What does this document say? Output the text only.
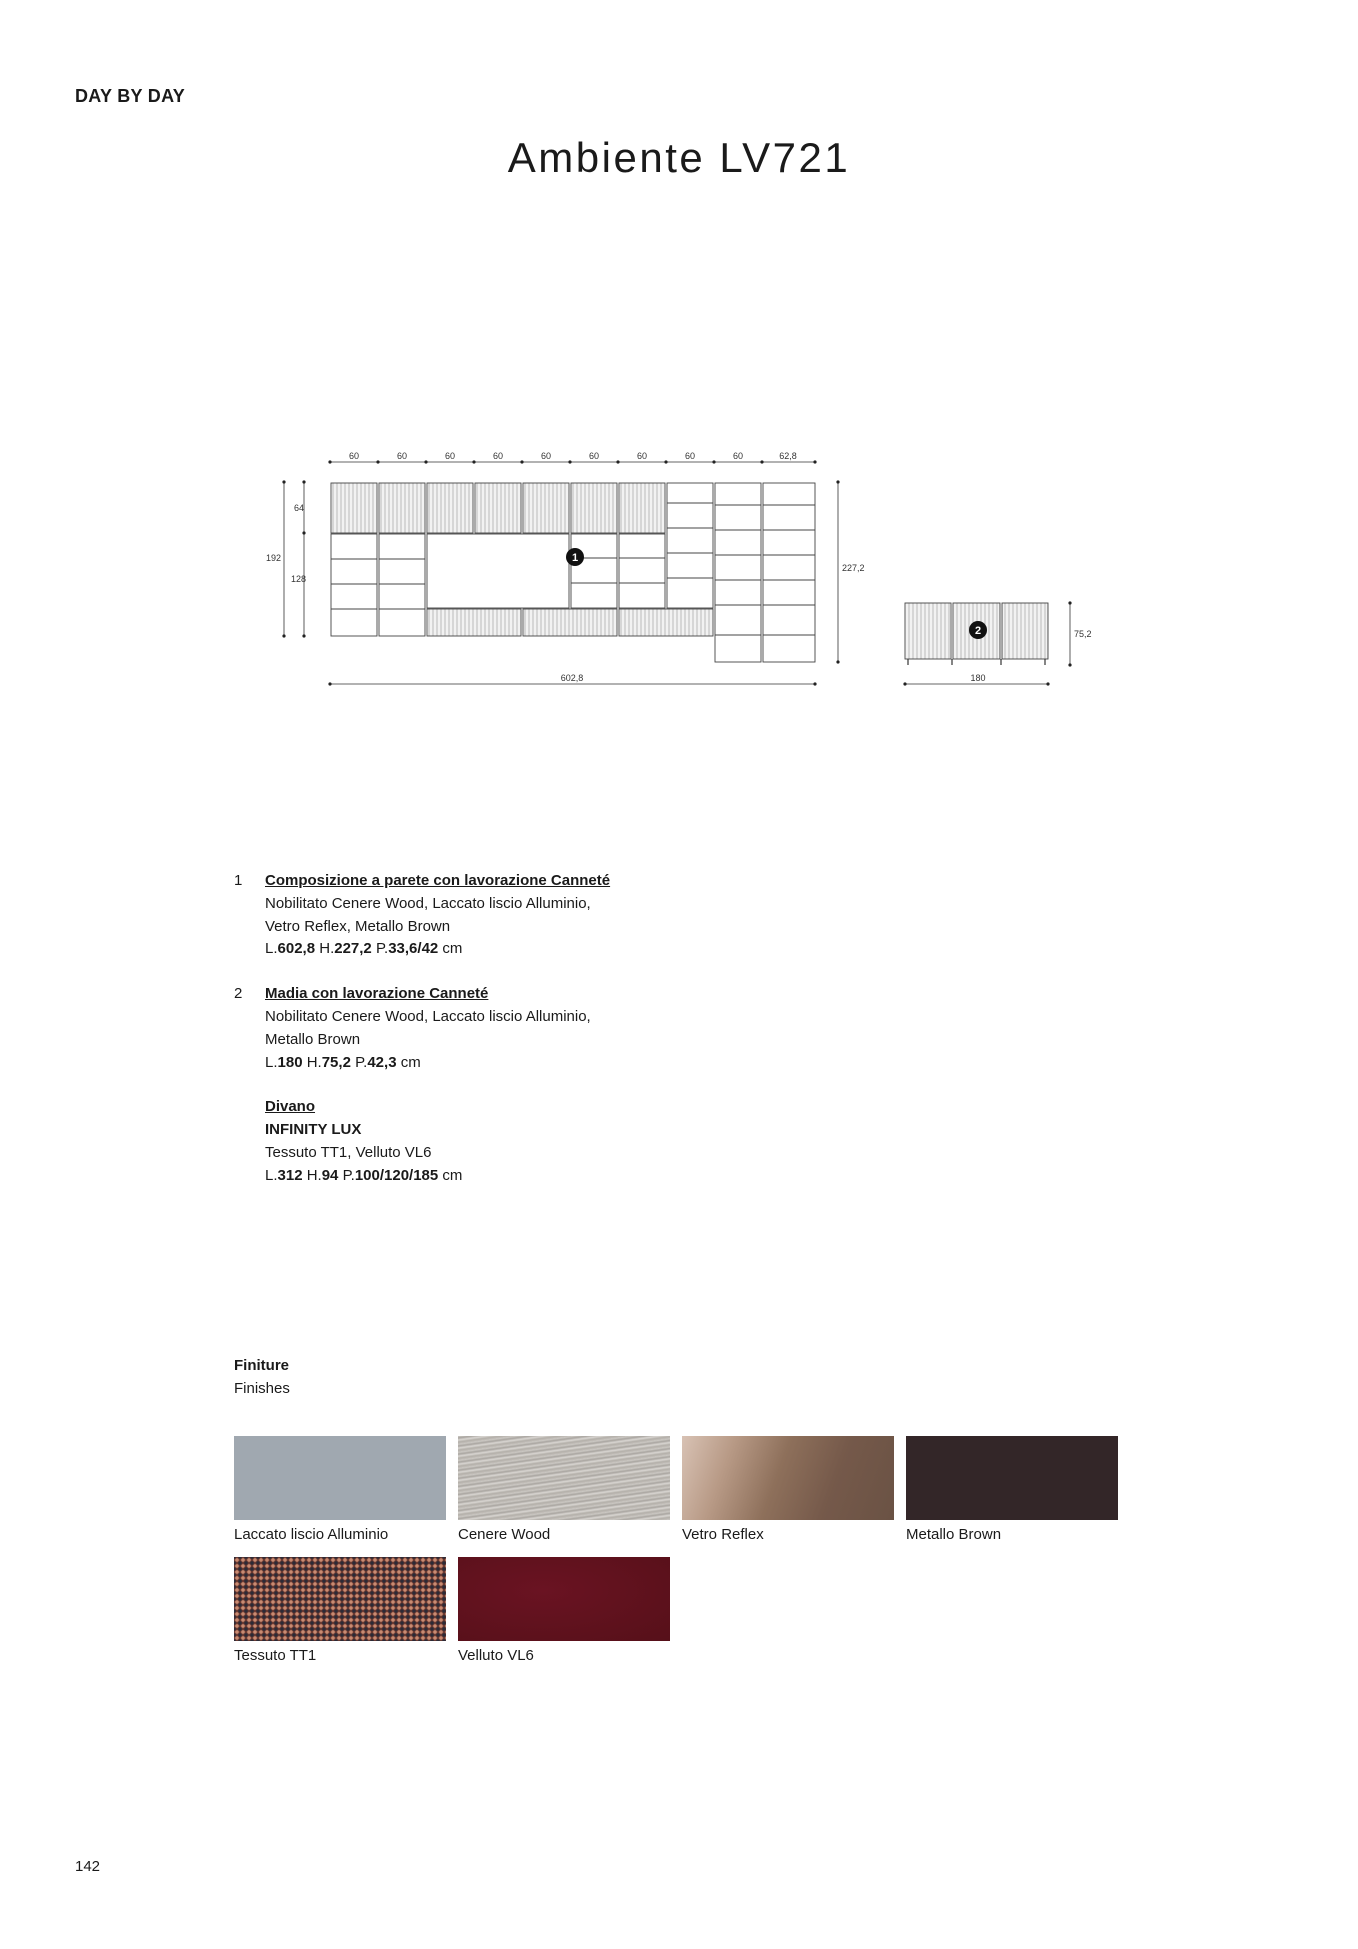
DAY BY DAY
Ambiente LV721
60	60	60	60	60	60	60	60	60	62,8
64
192
128
227,2
602,8
1
2	75,2
180
1 Composizione a parete con lavorazione Canneté
Nobilitato Cenere Wood, Laccato liscio Alluminio,
Vetro Reflex, Metallo Brown
L.602,8 H.227,2 P.33,6/42 cm
2 Madia con lavorazione Canneté
Nobilitato Cenere Wood, Laccato liscio Alluminio,
Metallo Brown
L.180 H.75,2 P.42,3 cm
Divano
INFINITY LUX
Tessuto TT1, Velluto VL6
L.312 H.94 P.100/120/185 cm
Finiture
Finishes
Laccato liscio Alluminio	Cenere Wood	Vetro Reflex	Metallo Brown
Tessuto TT1	Velluto VL6
142
